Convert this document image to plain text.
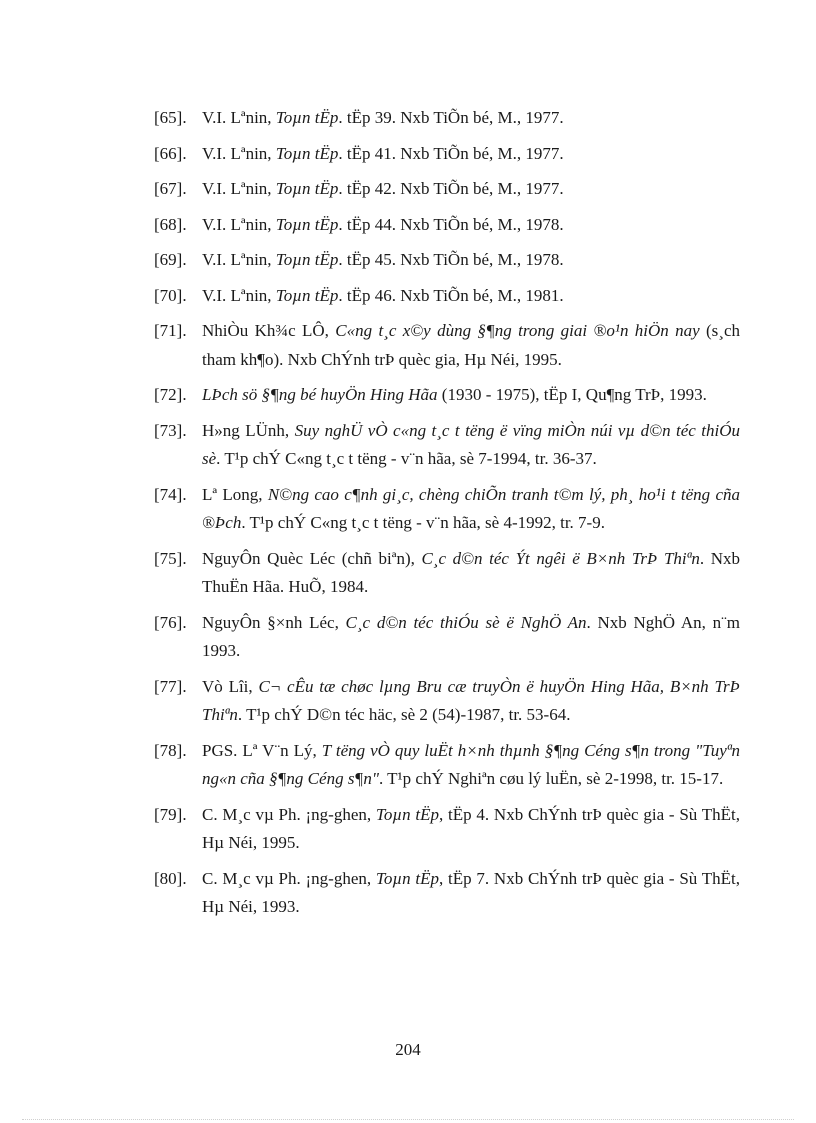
[65]. V.I. Lªnin, Toµn tËp. tËp 39. Nxb TiÕn bé, M., 1977.
[66]. V.I. Lªnin, Toµn tËp. tËp 41. Nxb TiÕn bé, M., 1977.
[67]. V.I. Lªnin, Toµn tËp. tËp 42. Nxb TiÕn bé, M., 1977.
[68]. V.I. Lªnin, Toµn tËp. tËp 44. Nxb TiÕn bé, M., 1978.
[69]. V.I. Lªnin, Toµn tËp. tËp 45. Nxb TiÕn bé, M., 1978.
[70]. V.I. Lªnin, Toµn tËp. tËp 46. Nxb TiÕn bé, M., 1981.
[71]. NhiÒu Kh¾c LÔ, C«ng t¸c x©y dùng §¶ng trong giai ®o¹n hiÖn nay (s¸ch tham kh¶o). Nxb ChÝnh trÞ quèc gia, Hµ Néi, 1995.
[72]. LÞch sö §¶ng bé huyÖn Hing Hãa (1930 - 1975), tËp I, Qu¶ng TrÞ, 1993.
[73]. H»ng LÜnh, Suy nghÜ vÒ c«ng t¸c t tëng ë vïng miÒn núi vµ d©n téc thiÓu sè. T¹p chÝ C«ng t¸c t tëng - v¨n hãa, sè 7-1994, tr. 36-37.
[74]. Lª Long, N©ng cao c¶nh gi¸c, chèng chiÕn tranh t©m lý, ph¸ ho¹i t tëng cña ®Þch. T¹p chÝ C«ng t¸c t tëng - v¨n hãa, sè 4-1992, tr. 7-9.
[75]. NguyÔn Quèc Léc (chñ biªn), C¸c d©n téc Ýt ngêi ë B×nh TrÞ Thiªn. Nxb ThuËn Hãa. HuÕ, 1984.
[76]. NguyÔn §×nh Léc, C¸c d©n téc thiÓu sè ë NghÖ An. Nxb NghÖ An, n¨m 1993.
[77]. Vò Lîi, C¬ cÊu tæ chøc lµng Bru cæ truyÒn ë huyÖn Hing Hãa, B×nh TrÞ Thiªn. T¹p chÝ D©n téc häc, sè 2 (54)-1987, tr. 53-64.
[78]. PGS. Lª V¨n Lý, T tëng vÒ quy luËt h×nh thµnh §¶ng Céng s¶n trong "Tuyªn ng«n cña §¶ng Céng s¶n". T¹p chÝ Nghiªn cøu lý luËn, sè 2-1998, tr. 15-17.
[79]. C. M¸c vµ Ph. ¡ng-ghen, Toµn tËp, tËp 4. Nxb ChÝnh trÞ quèc gia - Sù ThËt, Hµ Néi, 1995.
[80]. C. M¸c vµ Ph. ¡ng-ghen, Toµn tËp, tËp 7. Nxb ChÝnh trÞ quèc gia - Sù ThËt, Hµ Néi, 1993.
204
